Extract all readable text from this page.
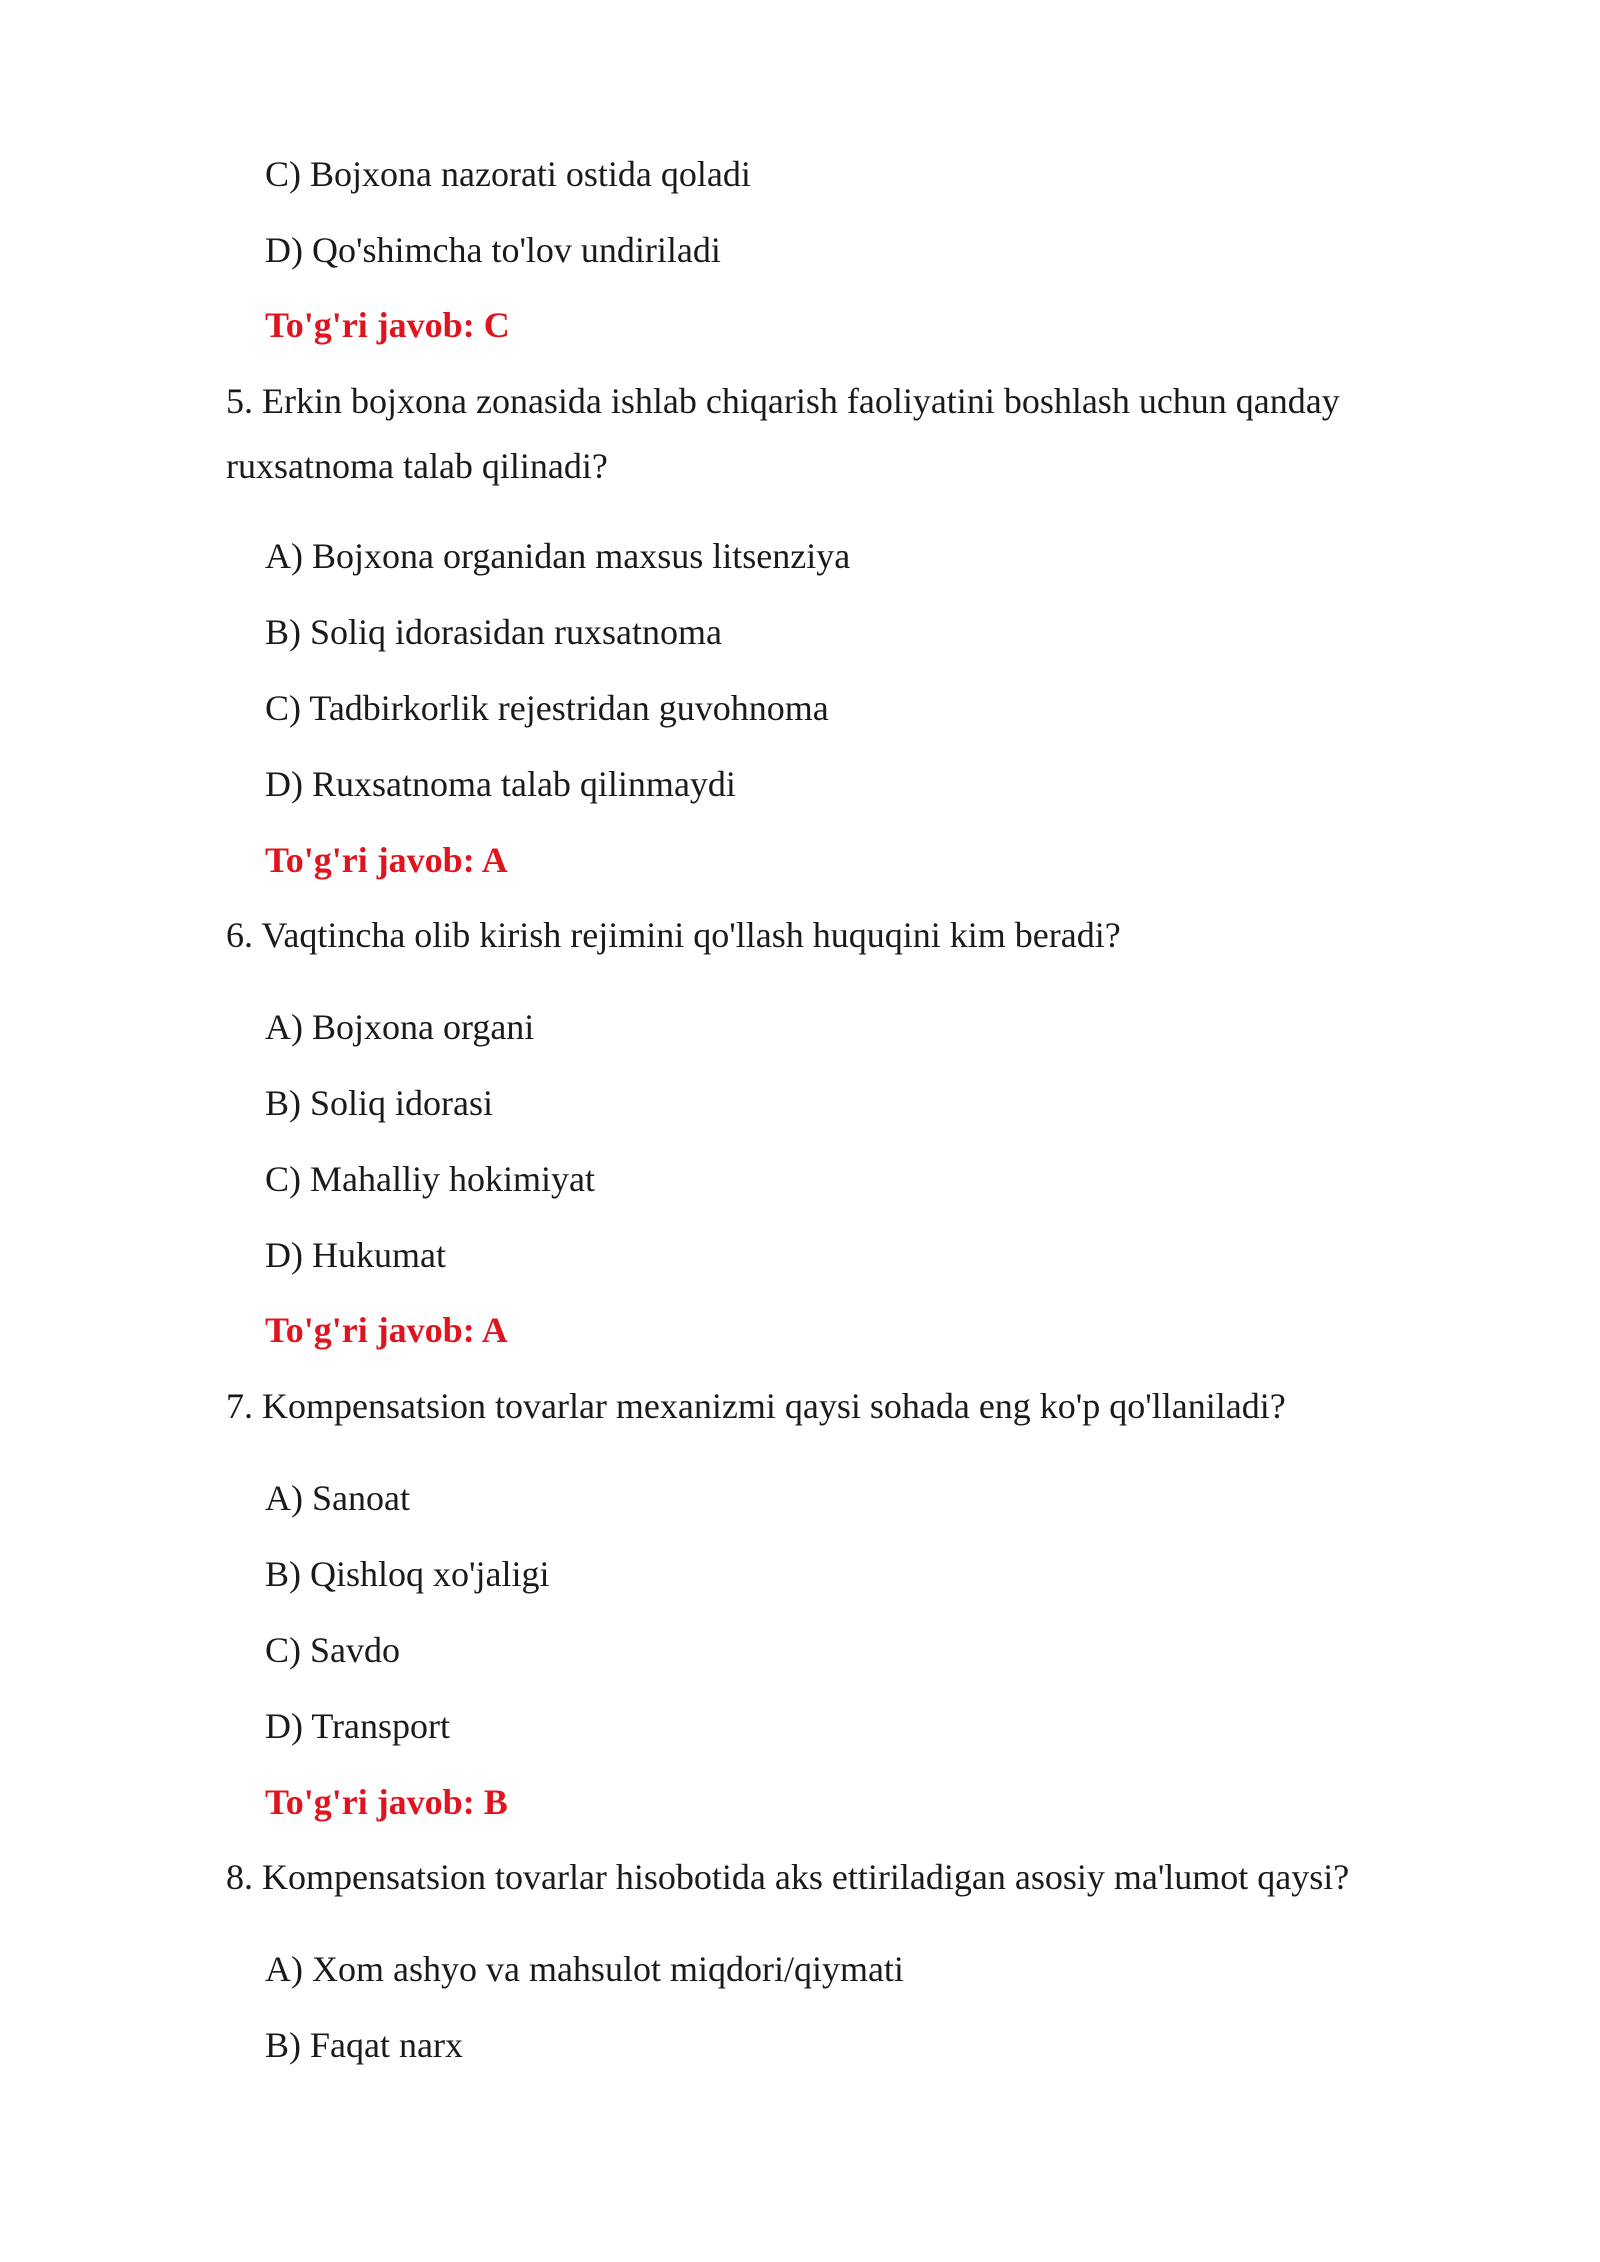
C) Bojxona nazorati ostida qoladi
D) Qo'shimcha to'lov undiriladi
To'g'ri javob: C
5. Erkin bojxona zonasida ishlab chiqarish faoliyatini boshlash uchun qanday
ruxsatnoma talab qilinadi?
A) Bojxona organidan maxsus litsenziya
B) Soliq idorasidan ruxsatnoma
C) Tadbirkorlik rejestridan guvohnoma
D) Ruxsatnoma talab qilinmaydi
To'g'ri javob: A
6. Vaqtincha olib kirish rejimini qo'llash huquqini kim beradi?
A) Bojxona organi
B) Soliq idorasi
C) Mahalliy hokimiyat
D) Hukumat
To'g'ri javob: A
7. Kompensatsion tovarlar mexanizmi qaysi sohada eng ko'p qo'llaniladi?
A) Sanoat
B) Qishloq xo'jaligi
C) Savdo
D) Transport
To'g'ri javob: B
8. Kompensatsion tovarlar hisobotida aks ettiriladigan asosiy ma'lumot qaysi?
A) Xom ashyo va mahsulot miqdori/qiymati
B) Faqat narx
